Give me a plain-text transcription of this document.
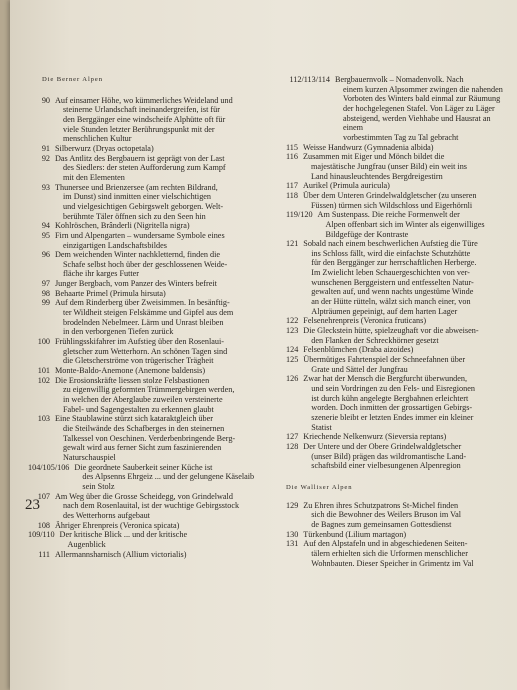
23
Die Berner Alpen
90 Auf einsamer Höhe, wo kümmerliches Weideland und
steinerne Urlandschaft ineinandergreifen, ist für
den Berggänger eine windscheife Alphütte oft für
viele Stunden letzter Berührungspunkt mit der
menschlichen Kultur
91 Silberwurz (Dryas octopetala)
92 Das Antlitz des Bergbauern ist geprägt von der Last
des Siedlers: der steten Aufforderung zum Kampf
mit den Elementen
93 Thunersee und Brienzersee (am rechten Bildrand,
im Dunst) sind inmitten einer vielschichtigen
und vielgesichtigen Gebirgswelt geborgen. Welt-
berühmte Täler öffnen sich zu den Seen hin
94 Kohlröschen, Brânderli (Nigritella nigra)
95 Firn und Alpengarten – wundersame Symbole eines
einzigartigen Landschaftsbildes
96 Dem weichenden Winter nachkletternd, finden die
Schafe selbst hoch über der geschlossenen Weide-
fläche ihr karges Futter
97 Junger Bergbach, vom Panzer des Winters befreit
98 Behaarte Primel (Primula hirsuta)
99 Auf dem Rinderberg über Zweisimmen. In besänftig-
ter Wildheit steigen Felskämme und Gipfel aus dem
brodelnden Nebelmeer. Lärm und Unrast bleiben
in den verborgenen Tiefen zurück
100 Frühlingsskifahrer im Aufstieg über den Rosenlaui-
gletscher zum Wetterhorn. An schönen Tagen sind
die Gletscherströme von trügerischer Trägheit
101 Monte-Baldo-Anemone (Anemone baldensis)
102 Die Erosionskräfte liessen stolze Felsbastionen
zu eigenwillig geformten Trümmergebirgen werden,
in welchen der Aberglaube zuweilen versteinerte
Fabel- und Sagengestalten zu erkennen glaubt
103 Eine Staublawine stürzt sich kataraktgleich über
die Steilwände des Schafberges in den steinernen
Talkessel von Oeschinen. Verderbenbringende Berg-
gewalt wird aus ferner Sicht zum faszinierenden
Naturschauspiel
104/105/106 Die geordnete Sauberkeit seiner Küche ist
des Alpsenns Ehrgeiz ... und der gelungene Käselaib
sein Stolz
107 Am Weg über die Grosse Scheidegg, von Grindelwald
nach dem Rosenlauital, ist der wuchtige Gebirgsstock
des Wetterhorns aufgebaut
108 Ähriger Ehrenpreis (Veronica spicata)
109/110 Der kritische Blick ... und der kritische
Augenblick
111 Allermannsharnisch (Allium victorialis)
112/113/114 Bergbauernvolk – Nomadenvolk. Nach
einem kurzen Alpsommer zwingen die nahenden
Vorboten des Winters bald einmal zur Räumung
der hochgelegenen Stafel. Von Läger zu Läger
absteigend, werden Viehhabe und Hausrat an einem
vorbestimmten Tag zu Tal gebracht
115 Weisse Handwurz (Gymnadenia albida)
116 Zusammen mit Eiger und Mönch bildet die
majestätische Jungfrau (unser Bild) ein weit ins
Land hinausleuchtendes Bergdreigestirn
117 Aurikel (Primula auricula)
118 Über dem Unteren Grindelwaldgletscher (zu unseren
Füssen) türmen sich Wildschloss und Eigerhörnli
119/120 Am Sustenpass. Die reiche Formenwelt der
Alpen offenbart sich im Winter als eigenwilliges
Bildgefüge der Kontraste
121 Sobald nach einem beschwerlichen Aufstieg die Türe
ins Schloss fällt, wird die einfachste Schutzhütte
für den Berggänger zur herrschaftlichen Herberge.
Im Zwielicht leben Schauergeschichten von ver-
wunschenen Berggeistern und entfesselten Natur-
gewalten auf, und wenn nachts ungestüme Winde
an der Hütte rütteln, wälzt sich manch einer, von
Alpträumen gepeinigt, auf dem harten Lager
122 Felsenehrenpreis (Veronica fruticans)
123 Die Gleckstein hütte, spielzeughaft vor die abweisen-
den Flanken der Schreckhörner gesetzt
124 Felsenblümchen (Draba aizoides)
125 Übermütiges Fahrtenspiel der Schneefahnen über
Grate und Sättel der Jungfrau
126 Zwar hat der Mensch die Bergfurcht überwunden,
und sein Vordringen zu den Fels- und Eisregionen
ist durch kühn angelegte Bergbahnen erleichtert
worden. Doch inmitten der grossartigen Gebirgs-
szenerie bleibt er letzten Endes immer ein kleiner
Statist
127 Kriechende Nelkenwurz (Sieversia reptans)
128 Der Untere und der Obere Grindelwaldgletscher
(unser Bild) prägen das wildromantische Land-
schaftsbild einer vielbesungenen Alpenregion
Die Walliser Alpen
129 Zu Ehren ihres Schutzpatrons St-Michel finden
sich die Bewohner des Weilers Bruson im Val
de Bagnes zum gemeinsamen Gottesdienst
130 Türkenbund (Lilium martagon)
131 Auf den Alpstafeln und in abgeschiedenen Seiten-
tälern erhielten sich die Urformen menschlicher
Wohnbauten. Dieser Speicher in Grimentz im Val
